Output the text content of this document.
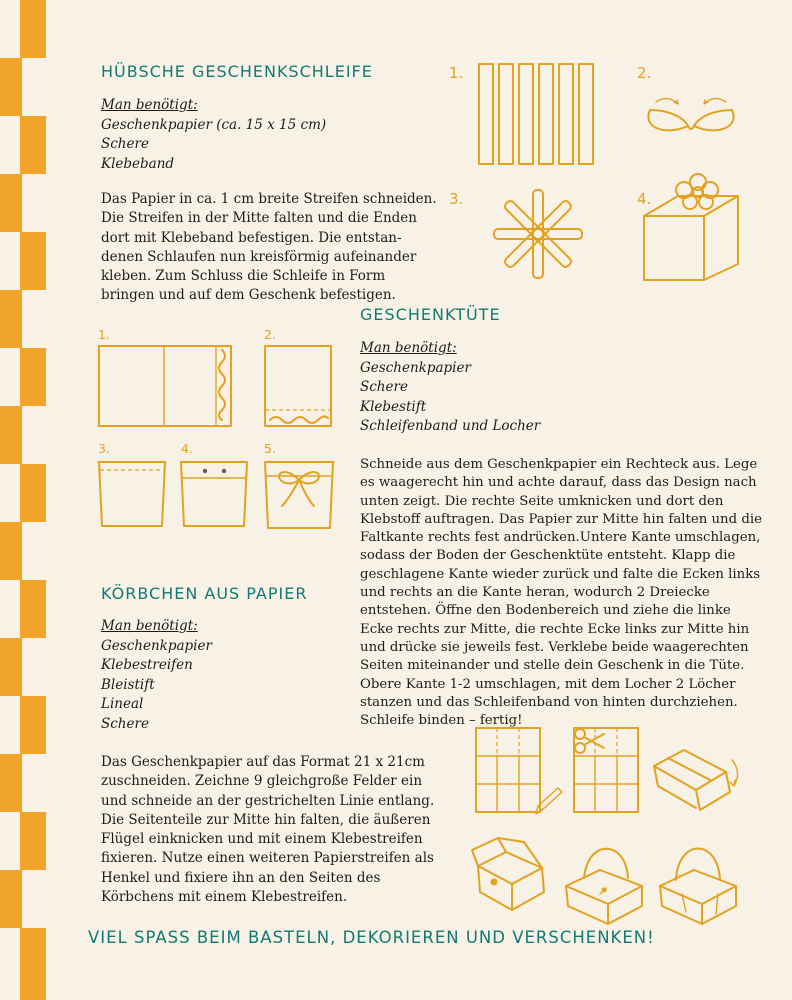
HÜBSCHE GESCHENKSCHLEIFE
Man benötigt:
Geschenkpapier (ca. 15 x 15 cm)
Schere
Klebeband
Das Papier in ca. 1 cm breite Streifen schneiden.
Die Streifen in der Mitte falten und die Enden
dort mit Klebeband befestigen. Die entstan-
denen Schlaufen nun kreisförmig aufeinander
kleben. Zum Schluss die Schleife in Form
bringen und auf dem Geschenk befestigen.
1.	2.
3.	4.
GESCHENKTÜTE
Man benötigt:
Geschenkpapier
Schere
Klebestift
Schleifenband und Locher
Schneide aus dem Geschenkpapier ein Rechteck aus. Lege
es waagerecht hin und achte darauf, dass das Design nach
unten zeigt. Die rechte Seite umknicken und dort den
Klebstoff auftragen. Das Papier zur Mitte hin falten und die
Faltkante rechts fest andrücken.Untere Kante umschlagen,
sodass der Boden der Geschenktüte entsteht. Klapp die
geschlagene Kante wieder zurück und falte die Ecken links
und rechts an die Kante heran, wodurch 2 Dreiecke
entstehen. Öffne den Bodenbereich und ziehe die linke
Ecke rechts zur Mitte, die rechte Ecke links zur Mitte hin
und drücke sie jeweils fest. Verklebe beide waagerechten
Seiten miteinander und stelle dein Geschenk in die Tüte.
Obere Kante 1-2 umschlagen, mit dem Locher 2 Löcher
stanzen und das Schleifenband von hinten durchziehen.
Schleife binden – fertig!
1.	2.
3.	4.	5.
KÖRBCHEN AUS PAPIER
Man benötigt:
Geschenkpapier
Klebestreifen
Bleistift
Lineal
Schere
Das Geschenkpapier auf das Format 21 x 21cm
zuschneiden. Zeichne 9 gleichgroße Felder ein
und schneide an der gestrichelten Linie entlang.
Die Seitenteile zur Mitte hin falten, die äußeren
Flügel einknicken und mit einem Klebestreifen
fixieren. Nutze einen weiteren Papierstreifen als
Henkel und fixiere ihn an den Seiten des
Körbchens mit einem Klebestreifen.
VIEL SPASS BEIM BASTELN, DEKORIEREN UND VERSCHENKEN!
